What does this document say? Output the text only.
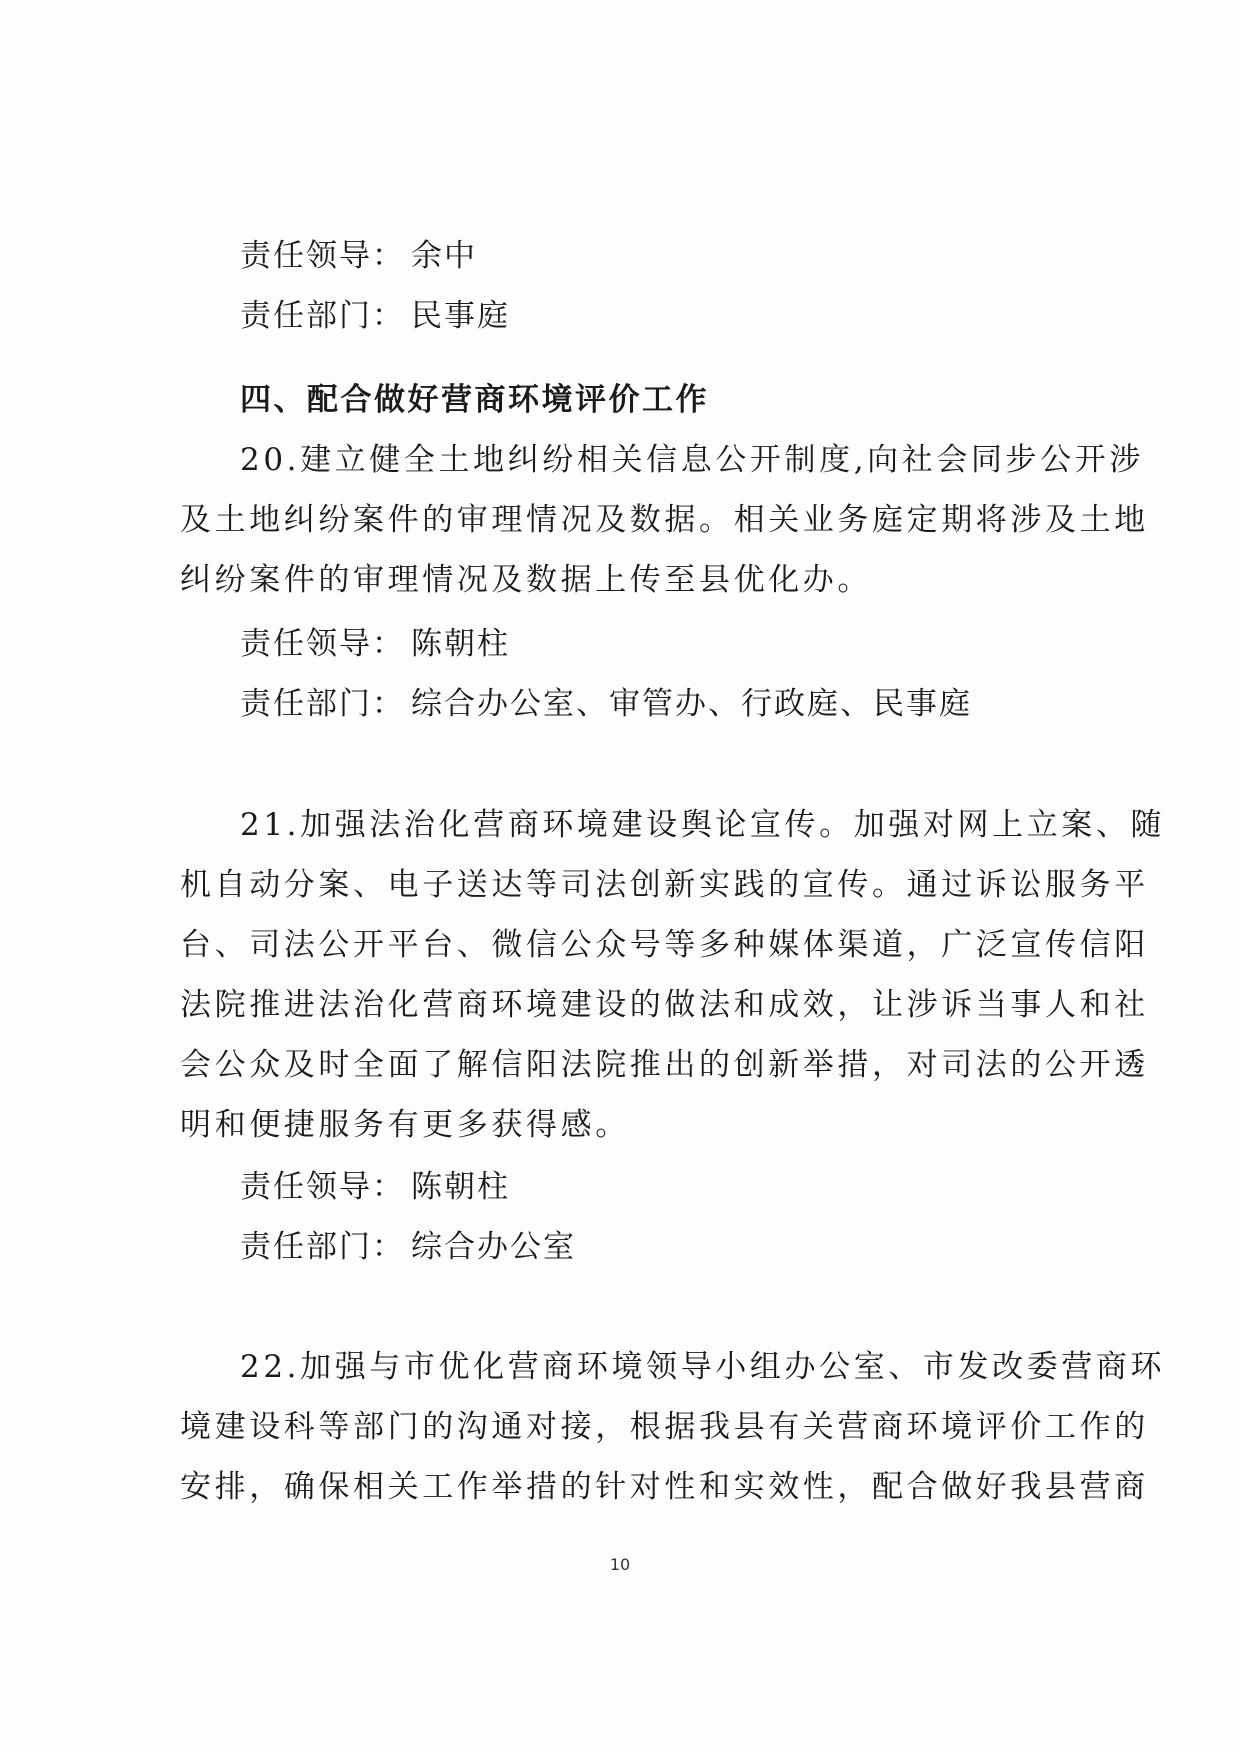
责任领导： 余中
责任部门： 民事庭
四、配合做好营商环境评价工作
20.建立健全土地纠纷相关信息公开制度,向社会同步公开涉
及土地纠纷案件的审理情况及数据。相关业务庭定期将涉及土地
纠纷案件的审理情况及数据上传至县优化办。
责任领导： 陈朝柱
责任部门： 综合办公室、审管办、行政庭、民事庭
21.加强法治化营商环境建设舆论宣传。加强对网上立案、随
机自动分案、电子送达等司法创新实践的宣传。通过诉讼服务平
台、司法公开平台、微信公众号等多种媒体渠道，广泛宣传信阳
法院推进法治化营商环境建设的做法和成效，让涉诉当事人和社
会公众及时全面了解信阳法院推出的创新举措，对司法的公开透
明和便捷服务有更多获得感。
责任领导： 陈朝柱
责任部门： 综合办公室
22.加强与市优化营商环境领导小组办公室、市发改委营商环
境建设科等部门的沟通对接，根据我县有关营商环境评价工作的
安排，确保相关工作举措的针对性和实效性，配合做好我县营商
10
